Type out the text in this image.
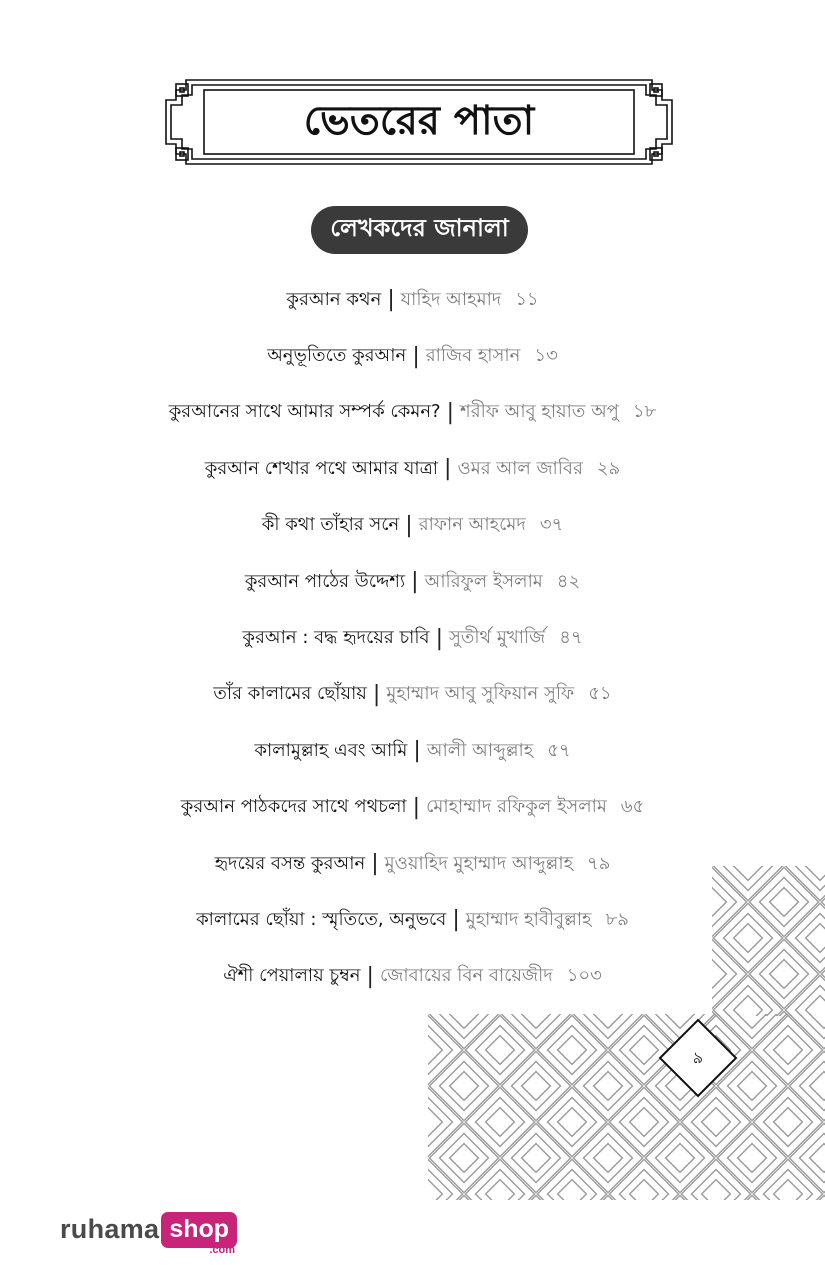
ভেতরের পাতা
লেখকদের জানালা
কুরআন কথন | যাহিদ আহমাদ ১১
অনুভূতিতে কুরআন | রাজিব হাসান ১৩
কুরআনের সাথে আমার সম্পর্ক কেমন? | শরীফ আবু হায়াত অপু ১৮
কুরআন শেখার পথে আমার যাত্রা | ওমর আল জাবির ২৯
কী কথা তাঁহার সনে | রাফান আহমেদ ৩৭
কুরআন পাঠের উদ্দেশ্য | আরিফুল ইসলাম ৪২
কুরআন : বদ্ধ হৃদয়ের চাবি | সুতীর্থ মুখার্জি ৪৭
তাঁর কালামের ছোঁয়ায় | মুহাম্মাদ আবু সুফিয়ান সুফি ৫১
কালামুল্লাহ এবং আমি | আলী আব্দুল্লাহ ৫৭
কুরআন পাঠকদের সাথে পথচলা | মোহাম্মাদ রফিকুল ইসলাম ৬৫
হৃদয়ের বসন্ত কুরআন | মুওয়াহিদ মুহাম্মাদ আব্দুল্লাহ ৭৯
কালামের ছোঁয়া : স্মৃতিতে, অনুভবে | মুহাম্মাদ হাবীবুল্লাহ ৮৯
ঐশী পেয়ালায় চুম্বন | জোবায়ের বিন বায়েজীদ ১০৩
৯
ruhama shop
.com
